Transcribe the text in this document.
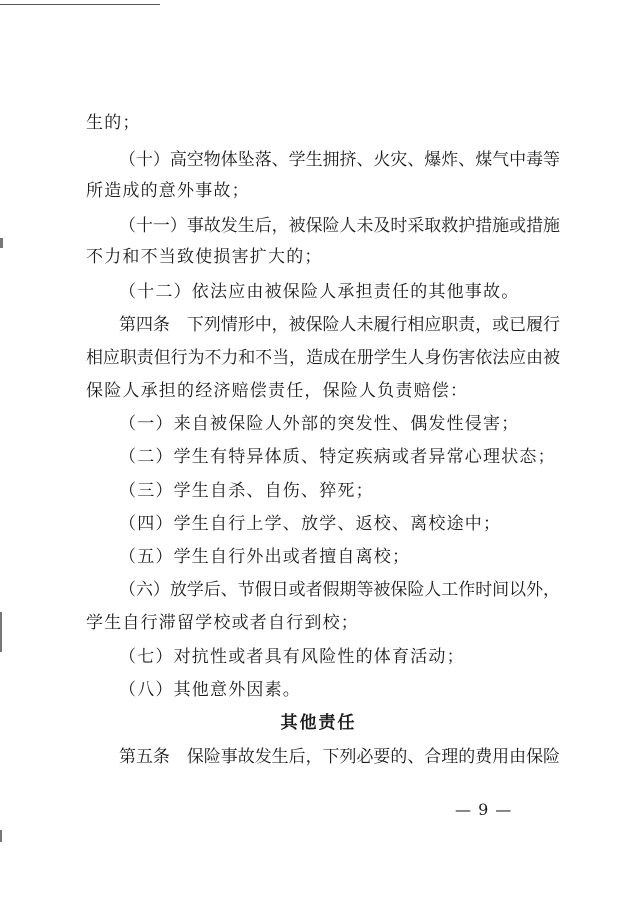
生的；
（十）高空物体坠落、学生拥挤、火灾、爆炸、煤气中毒等
所造成的意外事故；
（十一）事故发生后，被保险人未及时采取救护措施或措施
不力和不当致使损害扩大的；
（十二）依法应由被保险人承担责任的其他事故。
第四条　下列情形中，被保险人未履行相应职责，或已履行
相应职责但行为不力和不当，造成在册学生人身伤害依法应由被
保险人承担的经济赔偿责任，保险人负责赔偿：
（一）来自被保险人外部的突发性、偶发性侵害；
（二）学生有特异体质、特定疾病或者异常心理状态；
（三）学生自杀、自伤、猝死；
（四）学生自行上学、放学、返校、离校途中；
（五）学生自行外出或者擅自离校；
（六）放学后、节假日或者假期等被保险人工作时间以外，
学生自行滞留学校或者自行到校；
（七）对抗性或者具有风险性的体育活动；
（八）其他意外因素。
其他责任
第五条　保险事故发生后，下列必要的、合理的费用由保险
— 9 —
